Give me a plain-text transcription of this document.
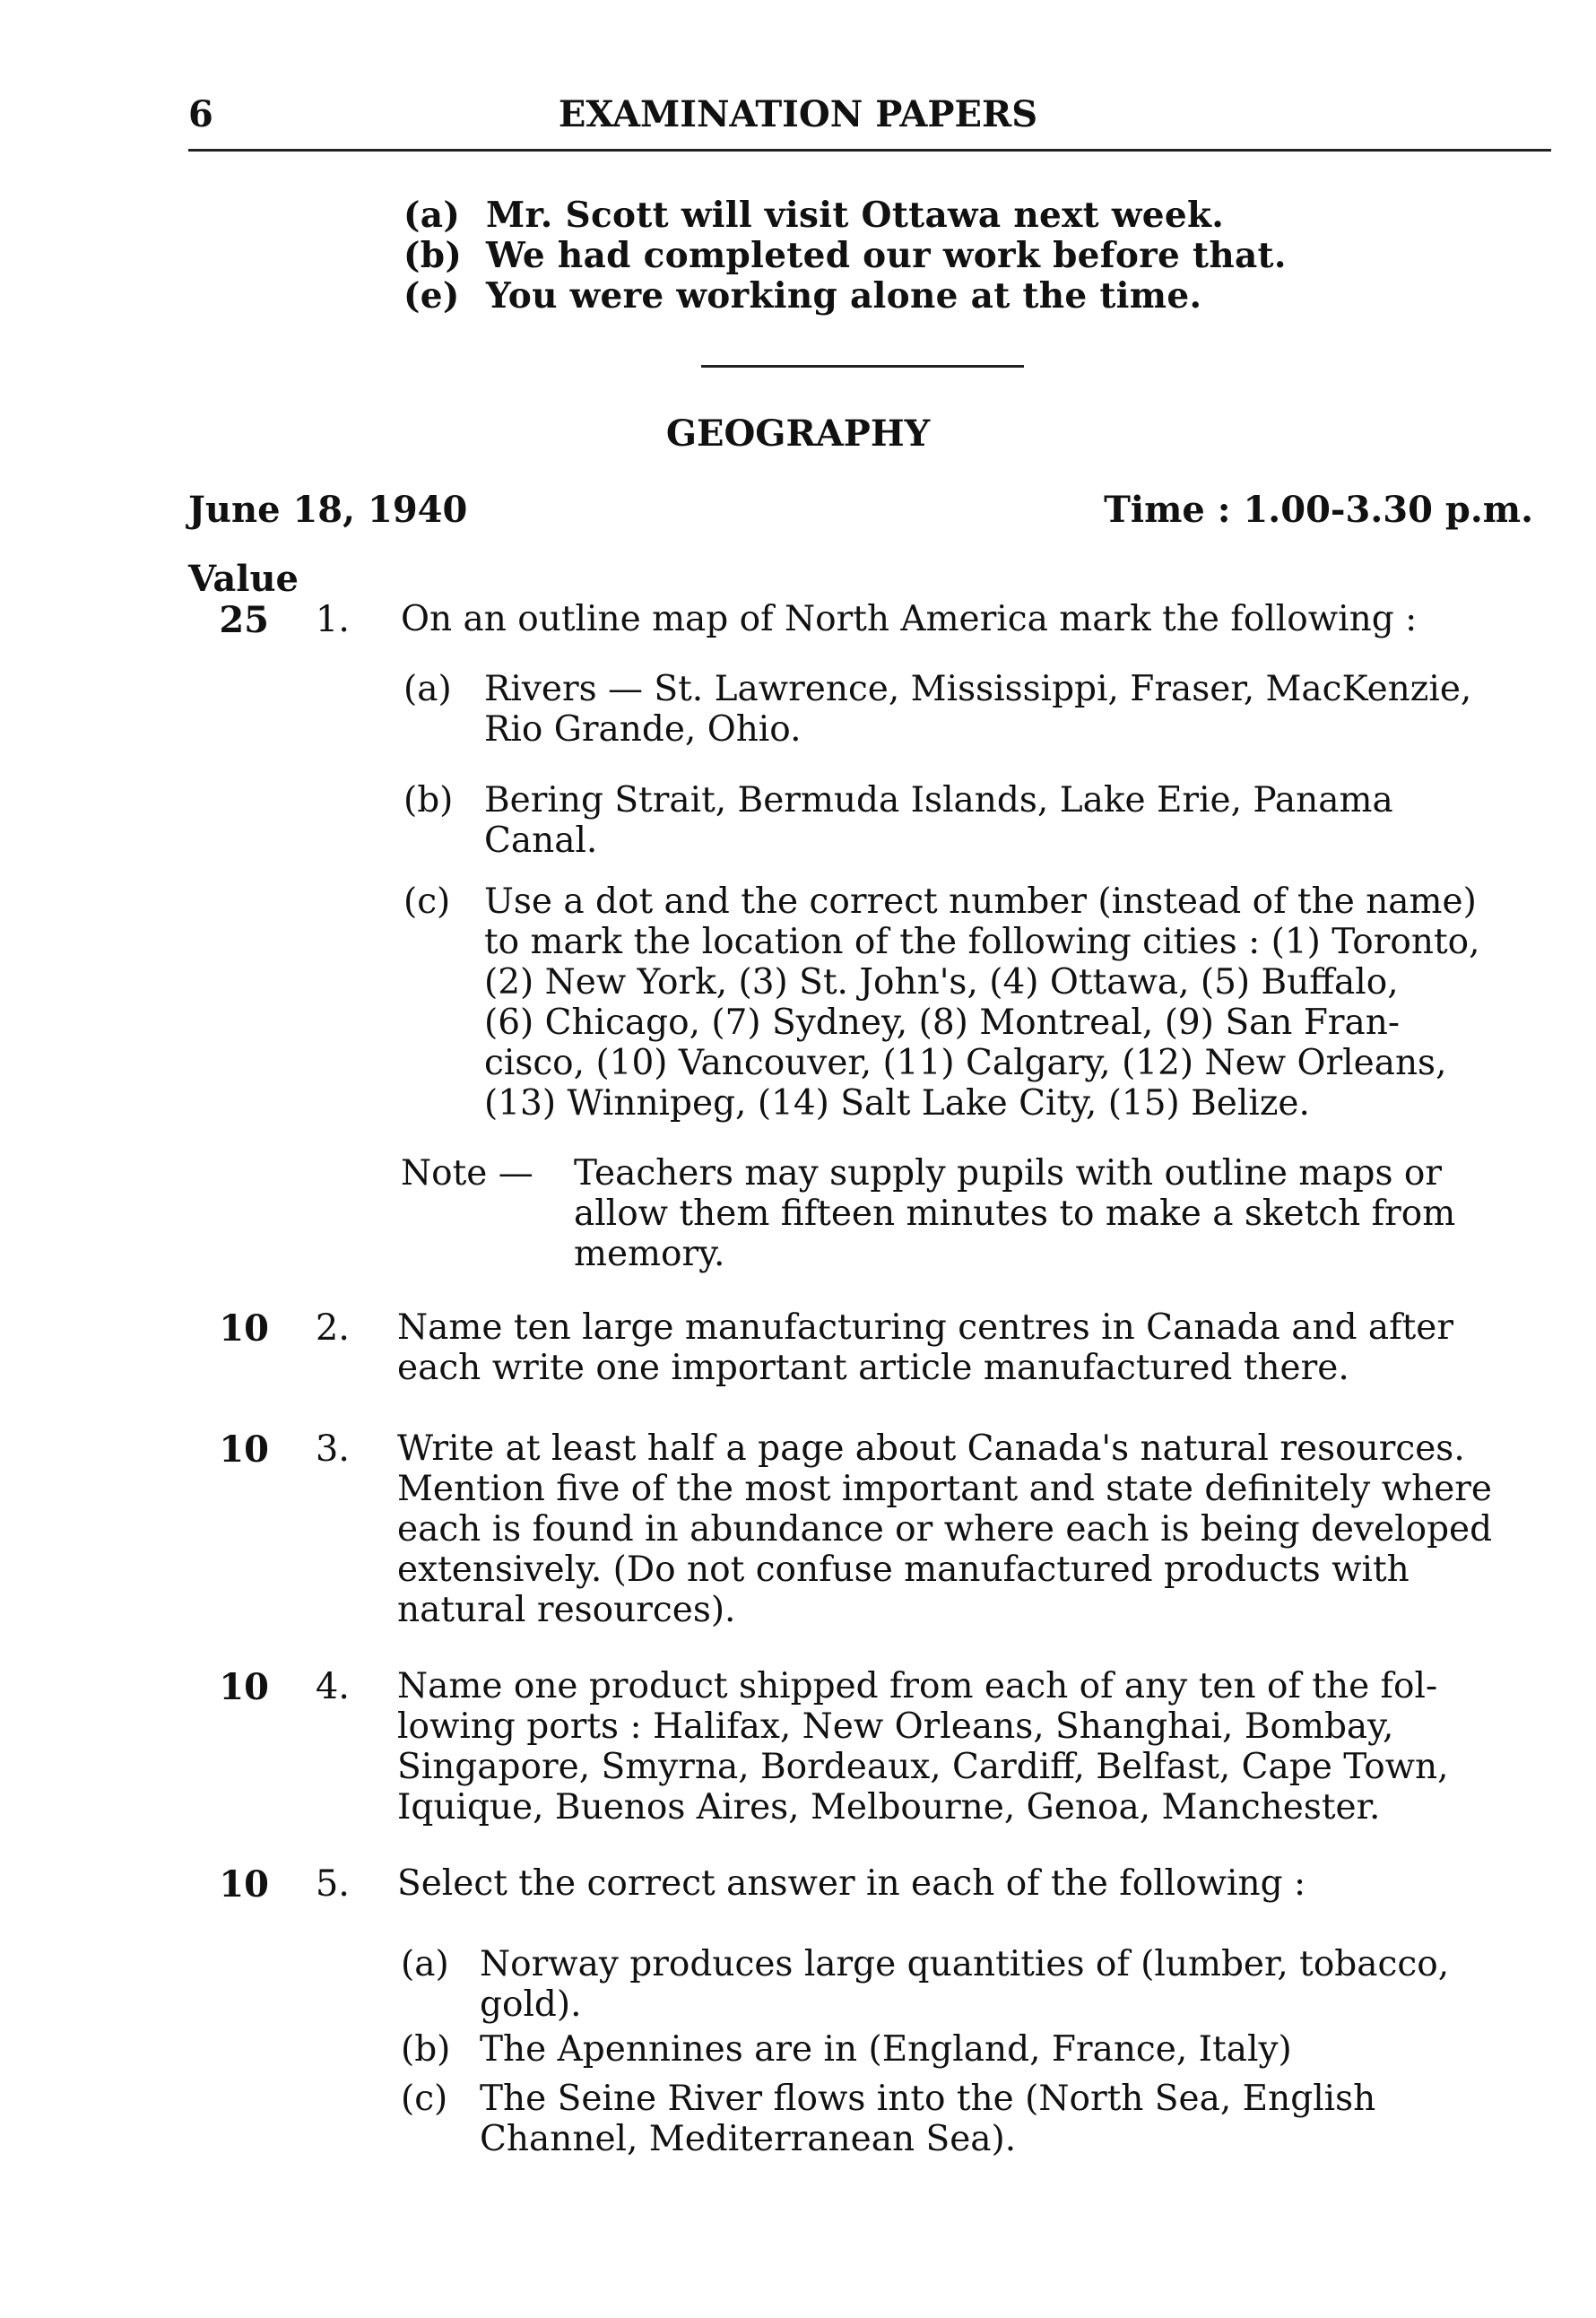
6	EXAMINATION PAPERS
(a) Mr. Scott will visit Ottawa next week.
(b) We had completed our work before that.
(e) You were working alone at the time.
GEOGRAPHY
June 18, 1940	Time : 1.00-3.30 p.m.
Value
25 1. On an outline map of North America mark the following :
(a) Rivers — St. Lawrence, Mississippi, Fraser, MacKenzie,
Rio Grande, Ohio.
(b) Bering Strait, Bermuda Islands, Lake Erie, Panama
Canal.
(c) Use a dot and the correct number (instead of the name)
to mark the location of the following cities : (1) Toronto,
(2) New York, (3) St. John's, (4) Ottawa, (5) Buffalo,
(6) Chicago, (7) Sydney, (8) Montreal, (9) San Fran-
cisco, (10) Vancouver, (11) Calgary, (12) New Orleans,
(13) Winnipeg, (14) Salt Lake City, (15) Belize.
Note — Teachers may supply pupils with outline maps or
allow them fifteen minutes to make a sketch from
memory.
10 2. Name ten large manufacturing centres in Canada and after
each write one important article manufactured there.
10 3. Write at least half a page about Canada's natural resources.
Mention five of the most important and state definitely where
each is found in abundance or where each is being developed
extensively. (Do not confuse manufactured products with
natural resources).
10 4. Name one product shipped from each of any ten of the fol-
lowing ports : Halifax, New Orleans, Shanghai, Bombay,
Singapore, Smyrna, Bordeaux, Cardiff, Belfast, Cape Town,
Iquique, Buenos Aires, Melbourne, Genoa, Manchester.
10 5. Select the correct answer in each of the following :
(a) Norway produces large quantities of (lumber, tobacco,
gold).
(b) The Apennines are in (England, France, Italy)
(c) The Seine River flows into the (North Sea, English
Channel, Mediterranean Sea).
